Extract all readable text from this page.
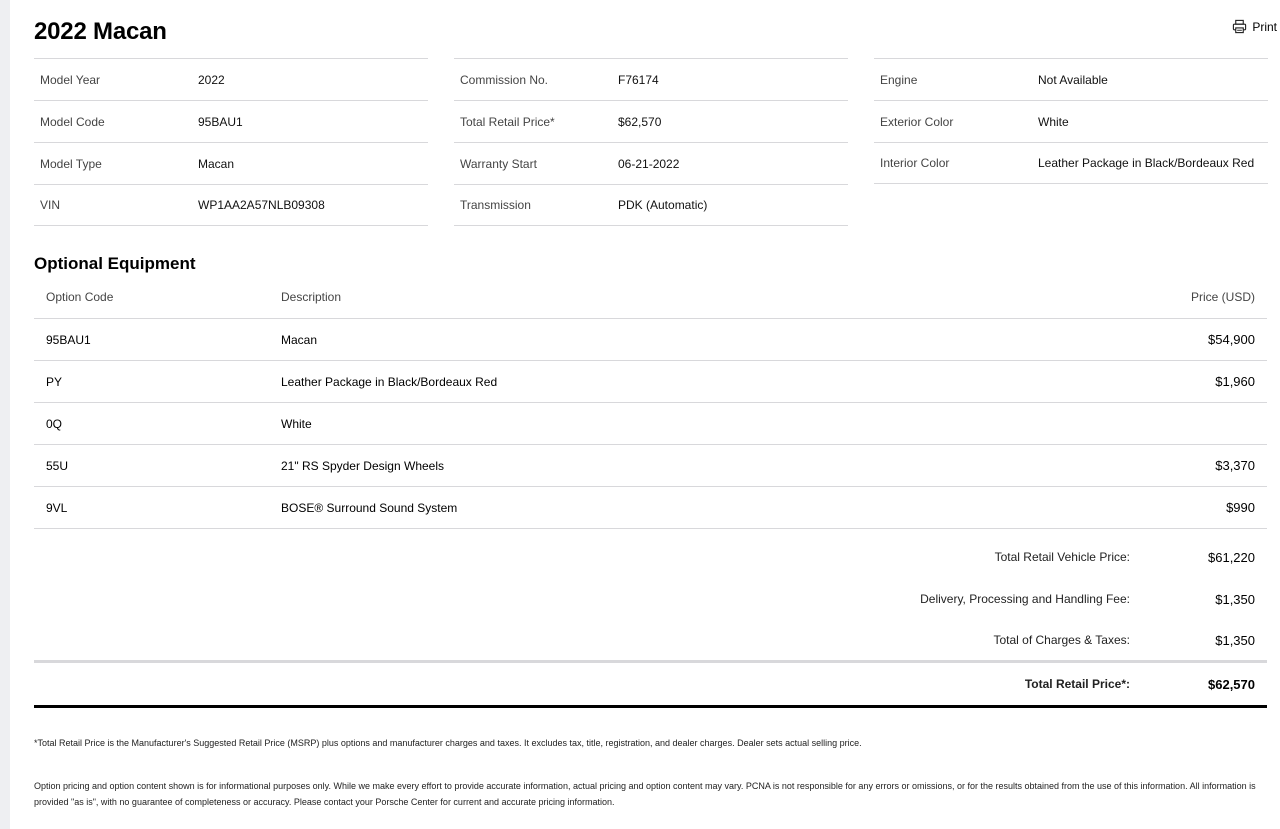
2022 Macan	Print
Model Year	2022
Model Code	95BAU1
Model Type	Macan
VIN	WP1AA2A57NLB09308
Commission No.	F76174
Total Retail Price*	$62,570
Warranty Start	06-21-2022
Transmission	PDK (Automatic)
Engine	Not Available
Exterior Color	White
Interior Color	Leather Package in Black/Bordeaux Red
Optional Equipment
Option Code	Description	Price (USD)
95BAU1	Macan	$54,900
PY	Leather Package in Black/Bordeaux Red	$1,960
0Q	White
55U	21" RS Spyder Design Wheels	$3,370
9VL	BOSE® Surround Sound System	$990
Total Retail Vehicle Price:	$61,220
Delivery, Processing and Handling Fee:	$1,350
Total of Charges & Taxes:	$1,350
Total Retail Price*:	$62,570

*Total Retail Price is the Manufacturer's Suggested Retail Price (MSRP) plus options and manufacturer charges and taxes. It excludes tax, title, registration, and dealer charges. Dealer sets actual selling price.

Option pricing and option content shown is for informational purposes only. While we make every effort to provide accurate information, actual pricing and option content may vary. PCNA is not responsible for any errors or omissions, or for the results obtained from the use of this information. All information is provided "as is", with no guarantee of completeness or accuracy. Please contact your Porsche Center for current and accurate pricing information.
